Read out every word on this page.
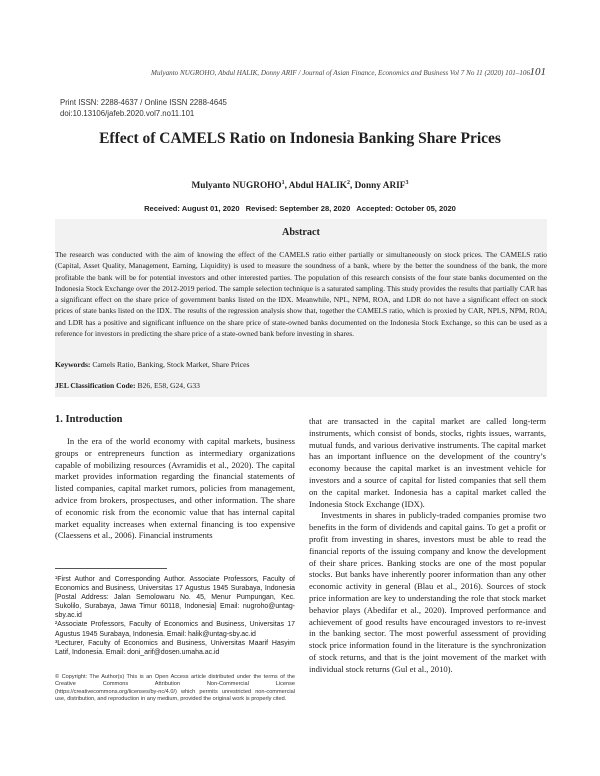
Mulyanto NUGROHO, Abdul HALIK, Donny ARIF / Journal of Asian Finance, Economics and Business Vol 7 No 11 (2020) 101–106 101
Print ISSN: 2288-4637 / Online ISSN 2288-4645
doi:10.13106/jafeb.2020.vol7.no11.101
Effect of CAMELS Ratio on Indonesia Banking Share Prices
Mulyanto NUGROHO$^1$, Abdul HALIK$^2$, Donny ARIF$^3$
Received: August 01, 2020 Revised: September 28, 2020 Accepted: October 05, 2020
Abstract
The research was conducted with the aim of knowing the effect of the CAMELS ratio either partially or simultaneously on stock prices. The CAMELS ratio (Capital, Asset Quality, Management, Earning, Liquidity) is used to measure the soundness of a bank, where by the better the soundness of the bank, the more profitable the bank will be for potential investors and other interested parties. The population of this research consists of the four state banks documented on the Indonesia Stock Exchange over the 2012-2019 period. The sample selection technique is a saturated sampling. This study provides the results that partially CAR has a significant effect on the share price of government banks listed on the IDX. Meanwhile, NPL, NPM, ROA, and LDR do not have a significant effect on stock prices of state banks listed on the IDX. The results of the regression analysis show that, together the CAMELS ratio, which is proxied by CAR, NPLS, NPM, ROA, and LDR has a positive and significant influence on the share price of state-owned banks documented on the Indonesia Stock Exchange, so this can be used as a reference for investors in predicting the share price of a state-owned bank before investing in shares.
Keywords: Camels Ratio, Banking, Stock Market, Share Prices
JEL Classification Code: B26, E58, G24, G33
1. Introduction

In the era of the world economy with capital markets, business groups or entrepreneurs function as intermediary organizations capable of mobilizing resources (Avramidis et al., 2020). The capital market provides information regarding the financial statements of listed companies, capital market rumors, policies from management, advice from brokers, prospectuses, and other information. The share of economic risk from the economic value that has internal capital market equality increases when external financing is too expensive (Claessens et al., 2006). Financial instruments

¹First Author and Corresponding Author. Associate Professors, Faculty of Economics and Business, Universitas 17 Agustus 1945 Surabaya, Indonesia [Postal Address: Jalan Semolowaru No. 45, Menur Pumpungan, Kec. Sukolilo, Surabaya, Jawa Timur 60118, Indonesia] Email: nugroho@untag-sby.ac.id

²Associate Professors, Faculty of Economics and Business, Universitas 17 Agustus 1945 Surabaya, Indonesia. Email: halik@untag-sby.ac.id

³Lecturer, Faculty of Economics and Business, Universitas Maarif Hasyim Latif, Indonesia. Email: doni_arif@dosen.umaha.ac.id

© Copyright: The Author(s) This is an Open Access article distributed under the terms of the Creative Commons Attribution Non-Commercial License (https://creativecommons.org/licenses/by-nc/4.0/) which permits unrestricted non-commercial use, distribution, and reproduction in any medium, provided the original work is properly cited.

that are transacted in the capital market are called long-term instruments, which consist of bonds, stocks, rights issues, warrants, mutual funds, and various derivative instruments. The capital market has an important influence on the development of the country’s economy because the capital market is an investment vehicle for investors and a source of capital for listed companies that sell them on the capital market. Indonesia has a capital market called the Indonesia Stock Exchange (IDX).

Investments in shares in publicly-traded companies promise two benefits in the form of dividends and capital gains. To get a profit or profit from investing in shares, investors must be able to read the financial reports of the issuing company and know the development of their share prices. Banking stocks are one of the most popular stocks. But banks have inherently poorer information than any other economic activity in general (Blau et al., 2016). Sources of stock price information are key to understanding the role that stock market behavior plays (Abedifar et al., 2020). Improved performance and achievement of good results have encouraged investors to re-invest in the banking sector. The most powerful assessment of providing stock price information found in the literature is the synchronization of stock returns, and that is the joint movement of the market with individual stock returns (Gul et al., 2010).
